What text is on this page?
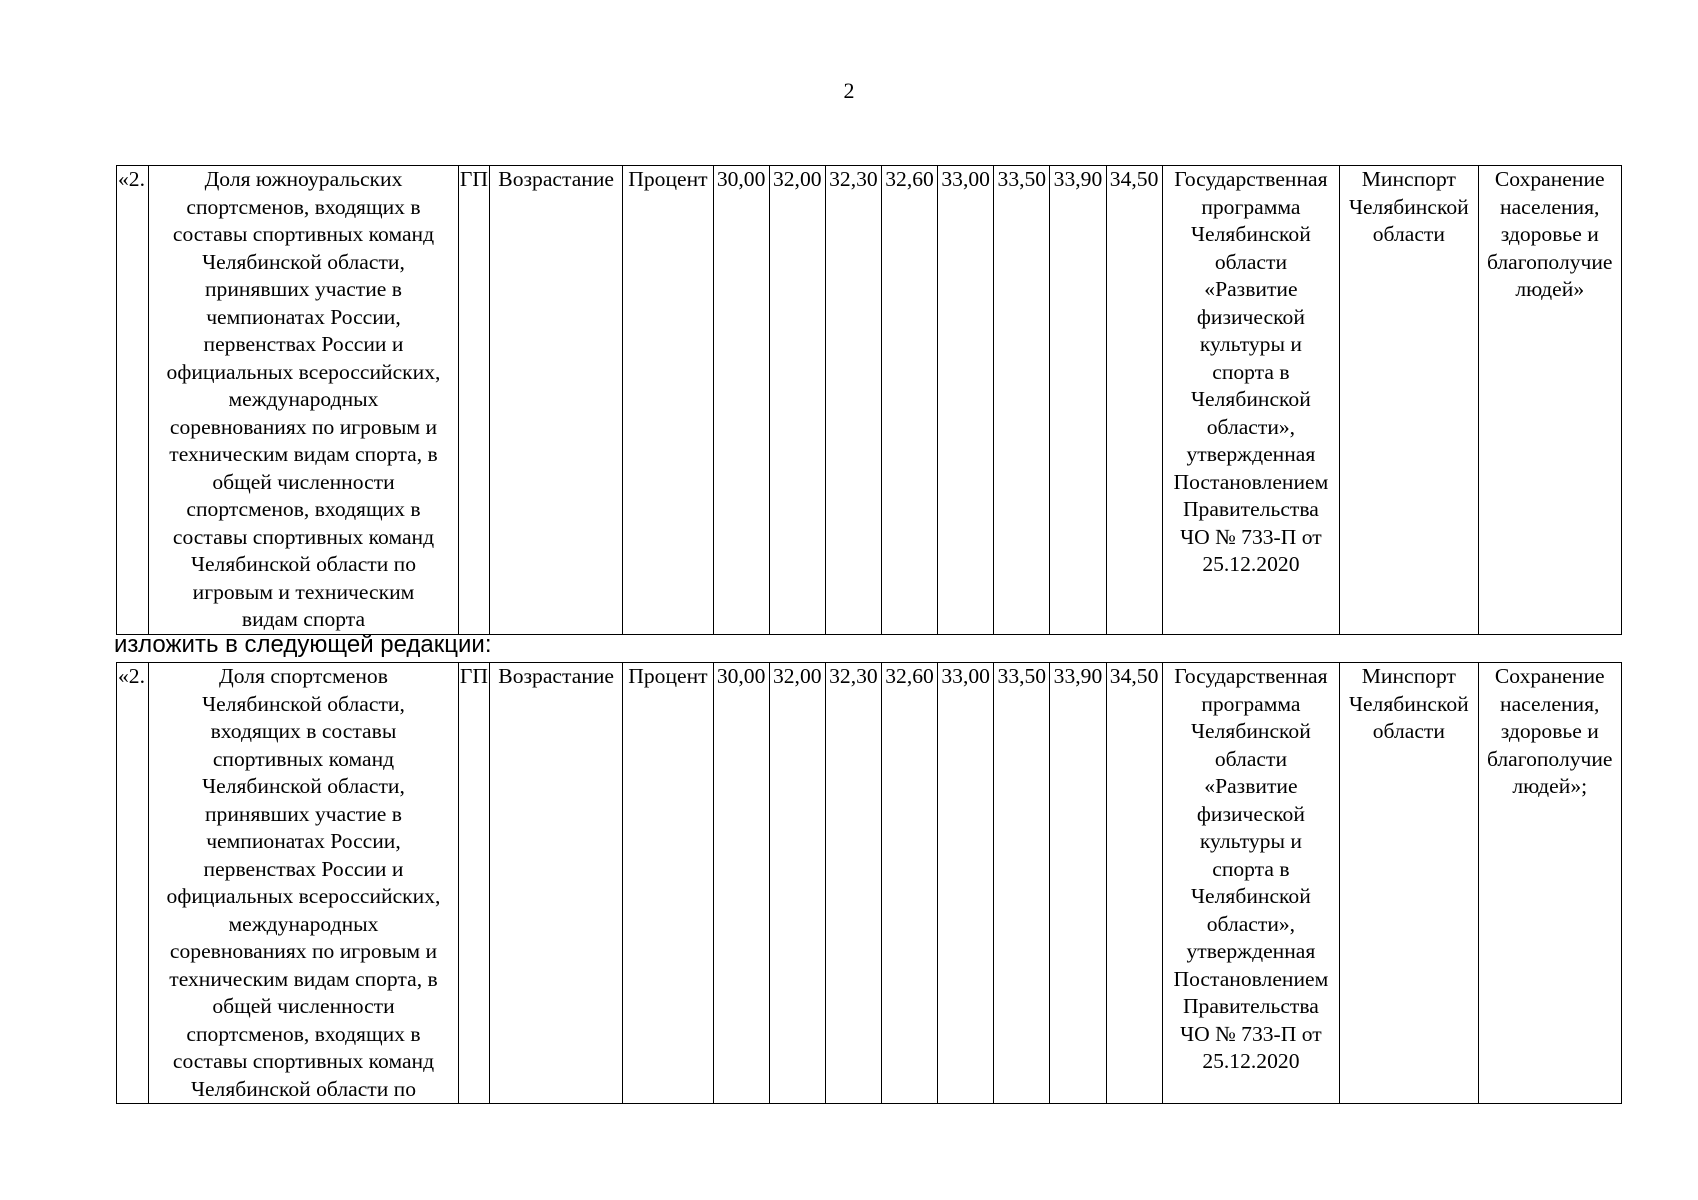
2
«2.	Доля южноуральских
спортсменов, входящих в
составы спортивных команд
Челябинской области,
принявших участие в
чемпионатах России,
первенствах России и
официальных всероссийских,
международных
соревнованиях по игровым и
техническим видам спорта, в
общей численности
спортсменов, входящих в
составы спортивных команд
Челябинской области по
игровым и техническим
видам спорта	ГП	Возрастание	Процент	30,00	32,00	32,30	32,60	33,00	33,50	33,90	34,50	Государственная
программа
Челябинской
области
«Развитие
физической
культуры и
спорта в
Челябинской
области»,
утвержденная
Постановлением
Правительства
ЧО № 733-П от
25.12.2020	Минспорт
Челябинской
области	Сохранение
населения,
здоровье и
благополучие
людей»
изложить в следующей редакции:
«2.	Доля спортсменов
Челябинской области,
входящих в составы
спортивных команд
Челябинской области,
принявших участие в
чемпионатах России,
первенствах России и
официальных всероссийских,
международных
соревнованиях по игровым и
техническим видам спорта, в
общей численности
спортсменов, входящих в
составы спортивных команд
Челябинской области по	ГП	Возрастание	Процент	30,00	32,00	32,30	32,60	33,00	33,50	33,90	34,50	Государственная
программа
Челябинской
области
«Развитие
физической
культуры и
спорта в
Челябинской
области»,
утвержденная
Постановлением
Правительства
ЧО № 733-П от
25.12.2020	Минспорт
Челябинской
области	Сохранение
населения,
здоровье и
благополучие
людей»;
